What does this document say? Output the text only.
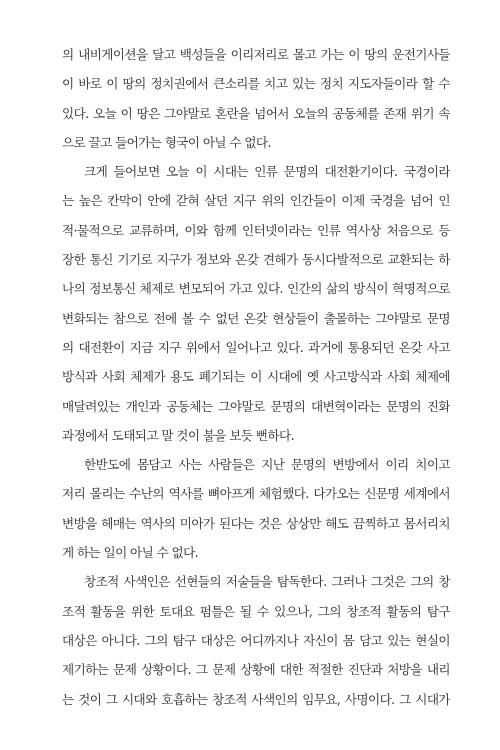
의 내비게이션을 달고 백성들을 이리저리로 몰고 가는 이 땅의 운전기사들
이 바로 이 땅의 정치권에서 큰소리를 치고 있는 정치 지도자들이라 할 수
있다. 오늘 이 땅은 그야말로 혼란을 넘어서 오늘의 공동체를 존재 위기 속
으로 끌고 들어가는 형국이 아닐 수 없다.
크게 들어보면 오늘 이 시대는 인류 문명의 대전환기이다. 국경이라
는 높은 칸막이 안에 갇혀 살던 지구 위의 인간들이 이제 국경을 넘어 인
적·물적으로 교류하며, 이와 함께 인터넷이라는 인류 역사상 처음으로 등
장한 통신 기기로 지구가 정보와 온갖 견해가 동시다발적으로 교환되는 하
나의 정보통신 체제로 변모되어 가고 있다. 인간의 삶의 방식이 혁명적으로
변화되는 참으로 전에 볼 수 없던 온갖 현상들이 출몰하는 그야말로 문명
의 대전환이 지금 지구 위에서 일어나고 있다. 과거에 통용되던 온갖 사고
방식과 사회 체제가 용도 폐기되는 이 시대에 옛 사고방식과 사회 체제에
매달려있는 개인과 공동체는 그야말로 문명의 대변혁이라는 문명의 진화
과정에서 도태되고 말 것이 불을 보듯 뻔하다.
한반도에 몸담고 사는 사람들은 지난 문명의 변방에서 이리 치이고
저리 몰리는 수난의 역사를 뼈아프게 체험했다. 다가오는 신문명 세계에서
변방을 헤매는 역사의 미아가 된다는 것은 상상만 해도 끔찍하고 몸서리치
게 하는 일이 아닐 수 없다.
창조적 사색인은 선현들의 저술들을 탐독한다. 그러나 그것은 그의 창
조적 활동을 위한 토대요 펌틀은 될 수 있으나, 그의 창조적 활동의 탐구
대상은 아니다. 그의 탐구 대상은 어디까지나 자신이 몸 담고 있는 현실이
제기하는 문제 상황이다. 그 문제 상황에 대한 적절한 진단과 처방을 내리
는 것이 그 시대와 호흡하는 창조적 사색인의 임무요, 사명이다. 그 시대가
